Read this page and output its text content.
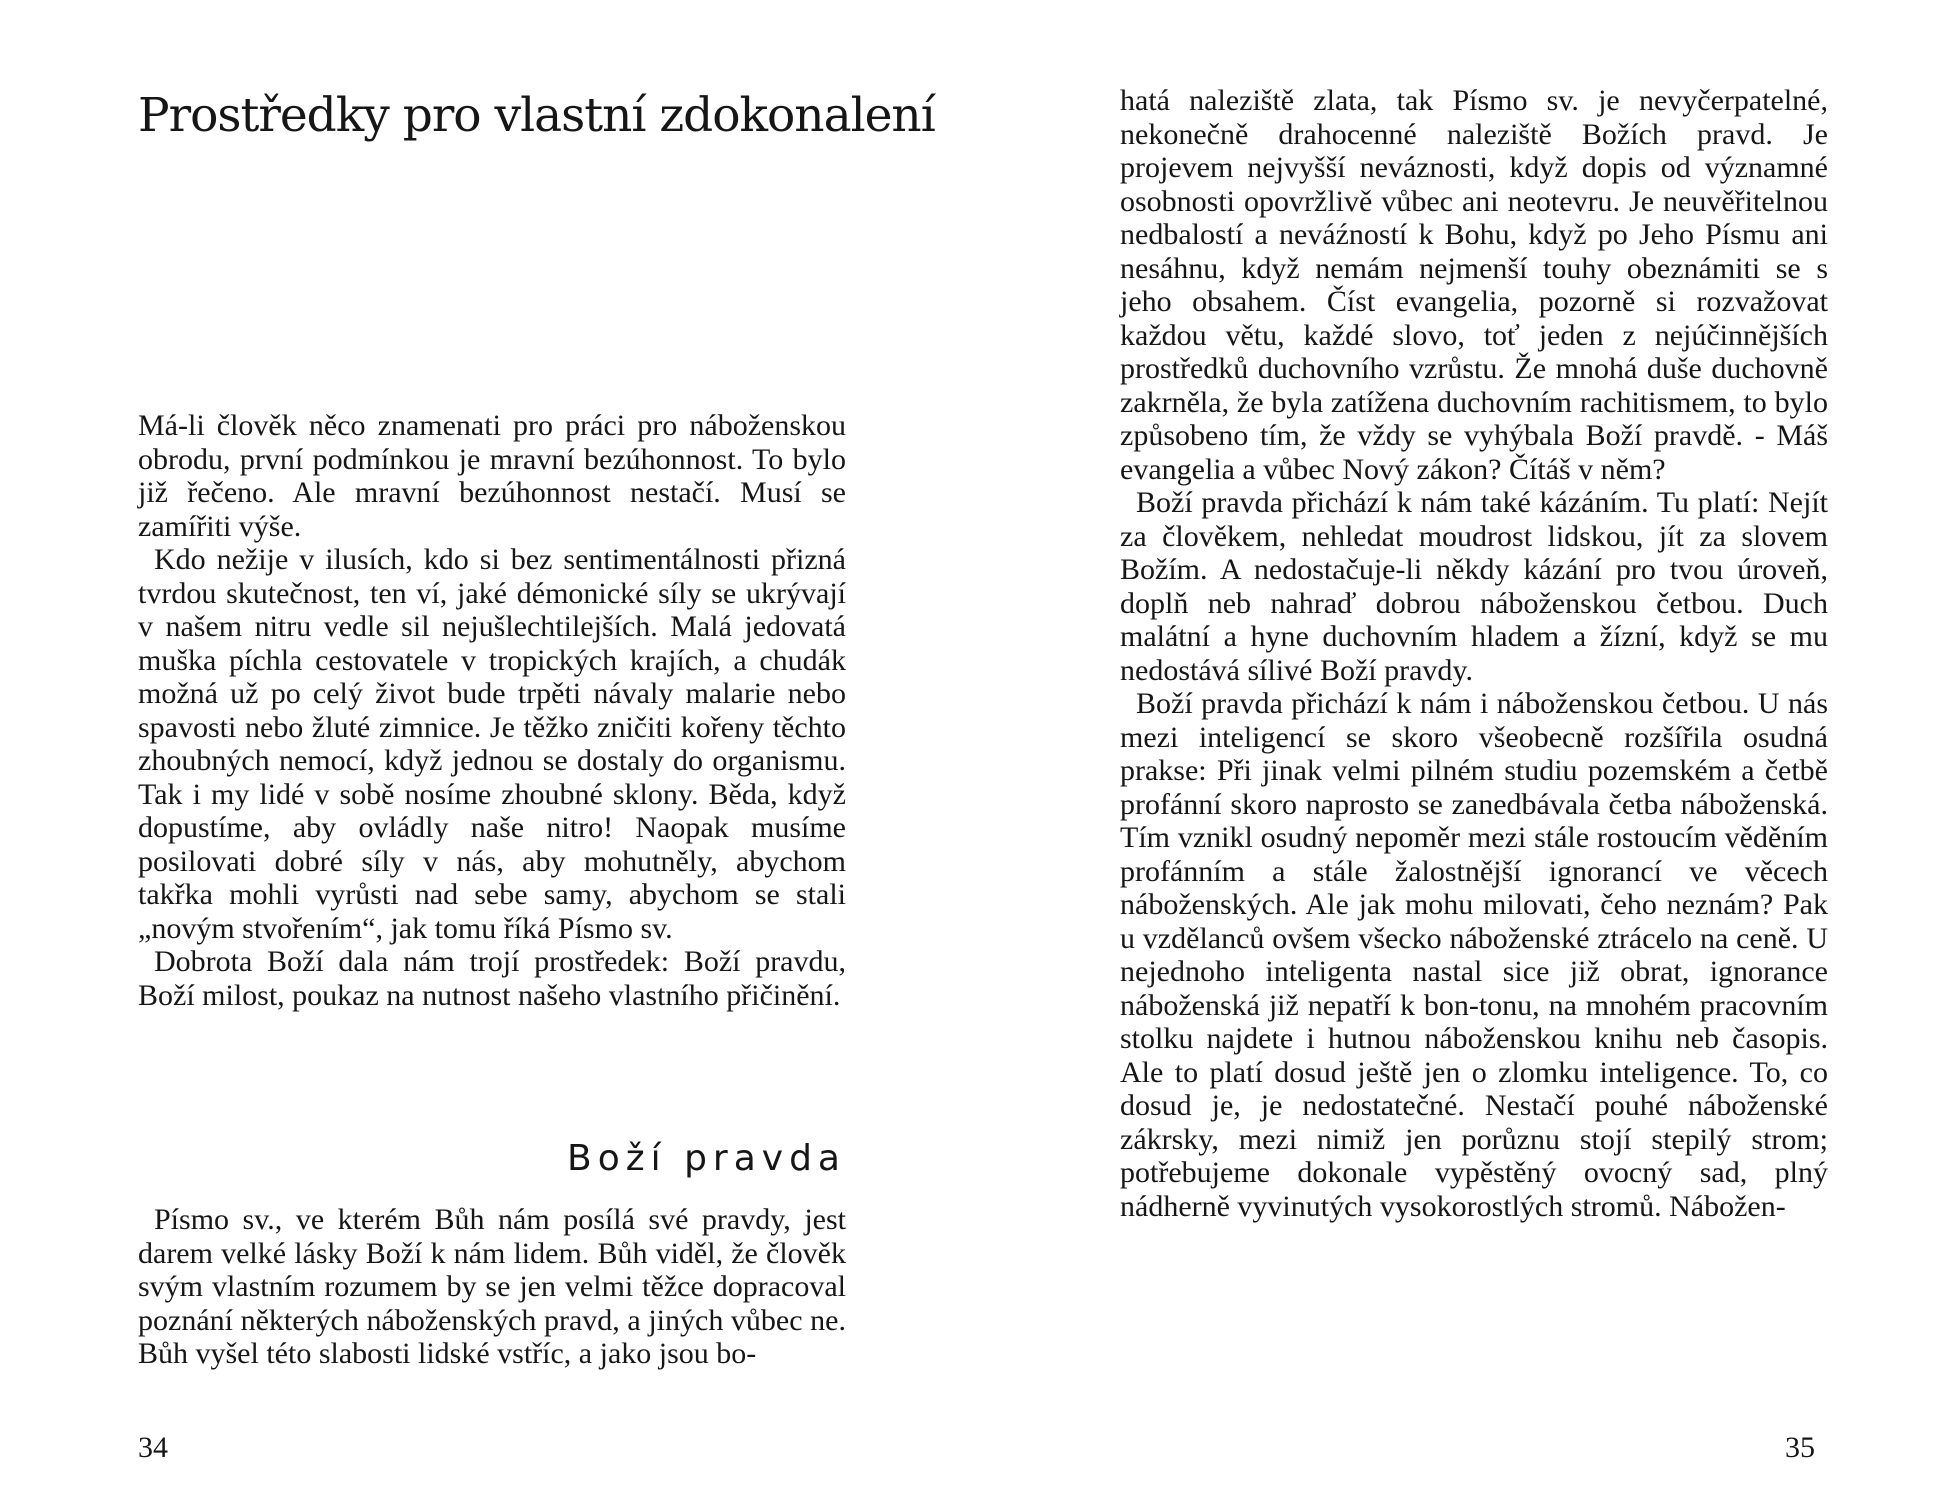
Prostředky pro vlastní zdokonalení

Má-li člověk něco znamenati pro práci pro náboženskou obrodu, první podmínkou je mravní bezúhonnost. To bylo již řečeno. Ale mravní bezúhonnost nestačí. Musí se zamířiti výše.

Kdo nežije v ilusích, kdo si bez sentimentálnosti přizná tvrdou skutečnost, ten ví, jaké démonické síly se ukrývají v našem nitru vedle sil nejušlechtilejších. Malá jedovatá muška píchla cestovatele v tropických krajích, a chudák možná už po celý život bude trpěti návaly malarie nebo spavosti nebo žluté zimnice. Je těžko zničiti kořeny těchto zhoubných nemocí, když jednou se dostaly do organismu. Tak i my lidé v sobě nosíme zhoubné sklony. Běda, když dopustíme, aby ovládly naše nitro! Naopak musíme posilovati dobré síly v nás, aby mohutněly, abychom takřka mohli vyrůsti nad sebe samy, abychom se stali „novým stvořením“, jak tomu říká Písmo sv.

Dobrota Boží dala nám trojí prostředek: Boží pravdu, Boží milost, poukaz na nutnost našeho vlastního přičinění.

Boží pravda

Písmo sv., ve kterém Bůh nám posílá své pravdy, jest darem velké lásky Boží k nám lidem. Bůh viděl, že člověk svým vlastním rozumem by se jen velmi těžce dopracoval poznání některých náboženských pravd, a jiných vůbec ne. Bůh vyšel této slabosti lidské vstříc, a jako jsou bo-

34

hatá naleziště zlata, tak Písmo sv. je nevyčerpatelné, nekonečně drahocenné naleziště Božích pravd. Je projevem nejvyšší neváznosti, když dopis od významné osobnosti opovržlivě vůbec ani neotevru. Je neuvěřitelnou nedbalostí a neváźností k Bohu, když po Jeho Písmu ani nesáhnu, když nemám nejmenší touhy obeznámiti se s jeho obsahem. Číst evangelia, pozorně si rozvažovat každou větu, každé slovo, toť jeden z nejúčinnějších prostředků duchovního vzrůstu. Že mnohá duše duchovně zakrněla, že byla zatížena duchovním rachitismem, to bylo způsobeno tím, že vždy se vyhýbala Boží pravdě. - Máš evangelia a vůbec Nový zákon? Čítáš v něm?

Boží pravda přichází k nám také kázáním. Tu platí: Nejít za člověkem, nehledat moudrost lidskou, jít za slovem Božím. A nedostačuje-li někdy kázání pro tvou úroveň, doplň neb nahraď dobrou náboženskou četbou. Duch malátní a hyne duchovním hladem a žízní, když se mu nedostává sílivé Boží pravdy.

Boží pravda přichází k nám i náboženskou četbou. U nás mezi inteligencí se skoro všeobecně rozšířila osudná prakse: Při jinak velmi pilném studiu pozemském a četbě profánní skoro naprosto se zanedbávala četba náboženská. Tím vznikl osudný nepoměr mezi stále rostoucím věděním profánním a stále žalostnější ignorancí ve věcech náboženských. Ale jak mohu milovati, čeho neznám? Pak u vzdělanců ovšem všecko náboženské ztrácelo na ceně. U nejednoho inteligenta nastal sice již obrat, ignorance náboženská již nepatří k bon-tonu, na mnohém pracovním stolku najdete i hutnou náboženskou knihu neb časopis. Ale to platí dosud ještě jen o zlomku inteligence. To, co dosud je, je nedostatečné. Nestačí pouhé náboženské zákrsky, mezi nimiž jen porůznu stojí stepilý strom; potřebujeme dokonale vypěstěný ovocný sad, plný nádherně vyvinutých vysokorostlých stromů. Nábožen-

35
